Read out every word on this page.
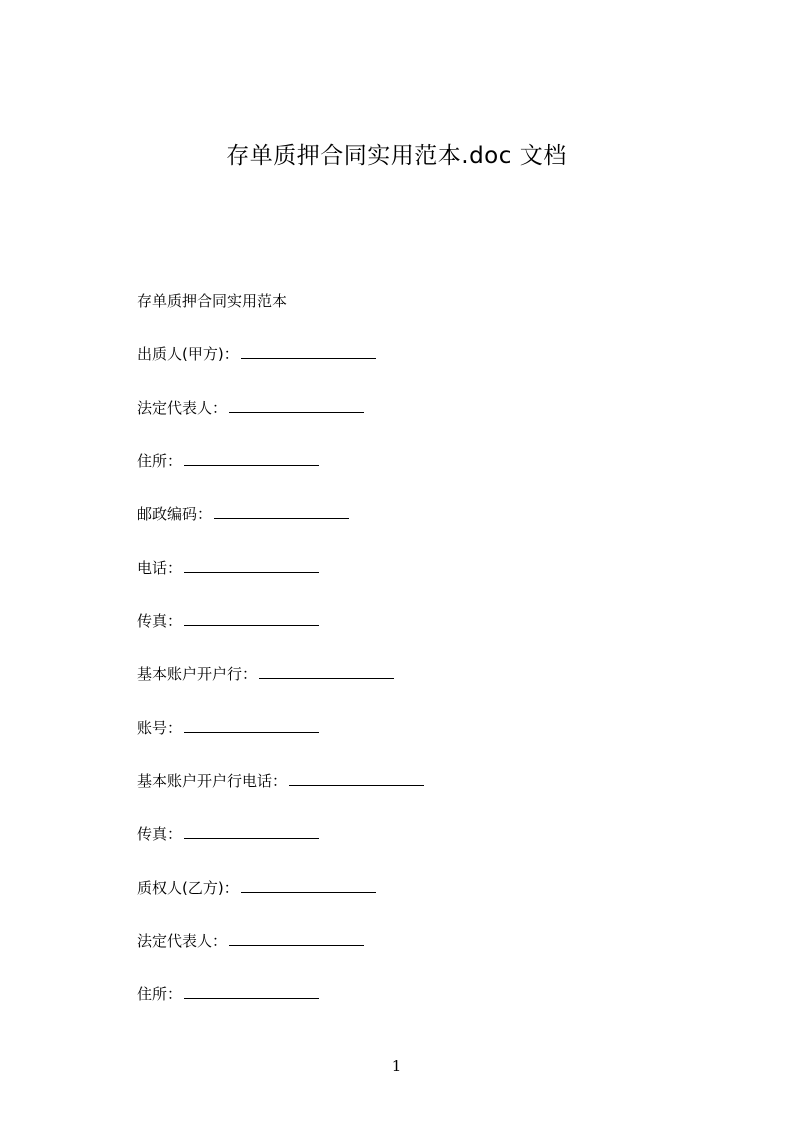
存单质押合同实用范本.doc 文档
存单质押合同实用范本
出质人(甲方)：
法定代表人：
住所：
邮政编码：
电话：
传真：
基本账户开户行：
账号：
基本账户开户行电话：
传真：
质权人(乙方)：
法定代表人：
住所：
1
